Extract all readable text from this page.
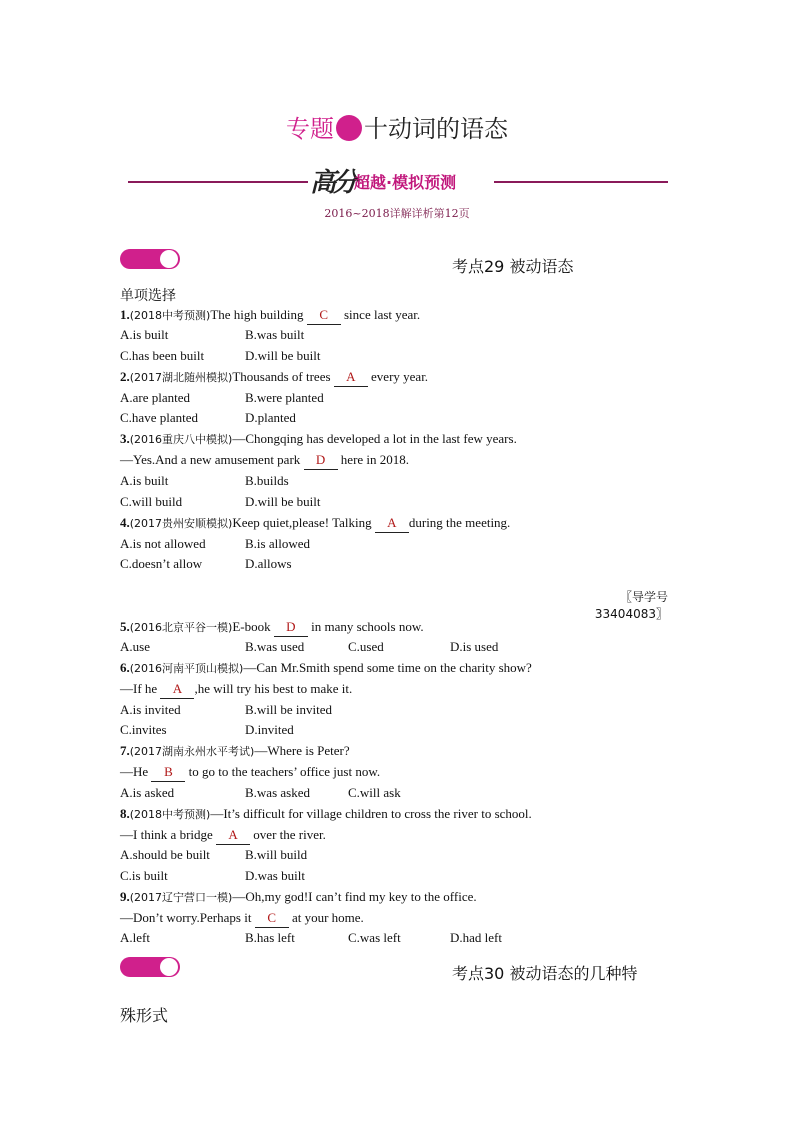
专题 十动词的语态
高分 超越·模拟预测
2016~2018详解详析第12页
考点29 被动语态
单项选择
1.(2018中考预测)The high building C since last year.
A.is built	B.was built
C.has been built	D.will be built
2.(2017湖北随州模拟)Thousands of trees A every year.
A.are planted	B.were planted
C.have planted	D.planted
3.(2016重庆八中模拟)—Chongqing has developed a lot in the last few years.
—Yes.And a new amusement park D here in 2018.
A.is built	B.builds
C.will build	D.will be built
4.(2017贵州安顺模拟)Keep quiet,please! Talking A during the meeting.
A.is not allowed	B.is allowed
C.doesn’t allow	D.allows
5.(2016北京平谷一模)E-book D in many schools now.
A.use	B.was used	C.used	D.is used
6.(2016河南平顶山模拟)—Can Mr.Smith spend some time on the charity show?
—If he A ,he will try his best to make it.
A.is invited	B.will be invited
C.invites	D.invited
7.(2017湖南永州水平考试)—Where is Peter?
—He B to go to the teachers’ office just now.
A.is asked	B.was asked	C.will ask
8.(2018中考预测)—It’s difficult for village children to cross the river to school.
—I think a bridge A over the river.
A.should be built	B.will build
C.is built	D.was built
9.(2017辽宁营口一模)—Oh,my god!I can’t find my key to the office.
—Don’t worry.Perhaps it C at your home.
A.left	B.has left	C.was left	D.had left
〖导学号33404083〗
考点30 被动语态的几种特
殊形式
